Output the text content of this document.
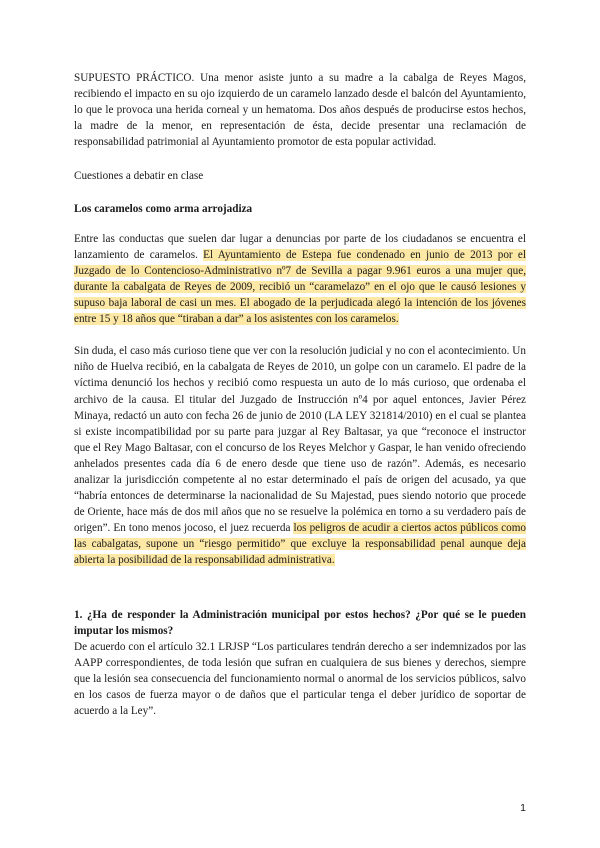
SUPUESTO PRÁCTICO. Una menor asiste junto a su madre a la cabalga de Reyes Magos, recibiendo el impacto en su ojo izquierdo de un caramelo lanzado desde el balcón del Ayuntamiento, lo que le provoca una herida corneal y un hematoma. Dos años después de producirse estos hechos, la madre de la menor, en representación de ésta, decide presentar una reclamación de responsabilidad patrimonial al Ayuntamiento promotor de esta popular actividad.

Cuestiones a debatir en clase

Los caramelos como arma arrojadiza

Entre las conductas que suelen dar lugar a denuncias por parte de los ciudadanos se encuentra el lanzamiento de caramelos. El Ayuntamiento de Estepa fue condenado en junio de 2013 por el Juzgado de lo Contencioso-Administrativo nº7 de Sevilla a pagar 9.961 euros a una mujer que, durante la cabalgata de Reyes de 2009, recibió un “caramelazo” en el ojo que le causó lesiones y supuso baja laboral de casi un mes. El abogado de la perjudicada alegó la intención de los jóvenes entre 15 y 18 años que “tiraban a dar” a los asistentes con los caramelos.

Sin duda, el caso más curioso tiene que ver con la resolución judicial y no con el acontecimiento. Un niño de Huelva recibió, en la cabalgata de Reyes de 2010, un golpe con un caramelo. El padre de la víctima denunció los hechos y recibió como respuesta un auto de lo más curioso, que ordenaba el archivo de la causa. El titular del Juzgado de Instrucción nº4 por aquel entonces, Javier Pérez Minaya, redactó un auto con fecha 26 de junio de 2010 (LA LEY 321814/2010) en el cual se plantea si existe incompatibilidad por su parte para juzgar al Rey Baltasar, ya que “reconoce el instructor que el Rey Mago Baltasar, con el concurso de los Reyes Melchor y Gaspar, le han venido ofreciendo anhelados presentes cada día 6 de enero desde que tiene uso de razón”. Además, es necesario analizar la jurisdicción competente al no estar determinado el país de origen del acusado, ya que “habría entonces de determinarse la nacionalidad de Su Majestad, pues siendo notorio que procede de Oriente, hace más de dos mil años que no se resuelve la polémica en torno a su verdadero país de origen”. En tono menos jocoso, el juez recuerda los peligros de acudir a ciertos actos públicos como las cabalgatas, supone un “riesgo permitido” que excluye la responsabilidad penal aunque deja abierta la posibilidad de la responsabilidad administrativa.

1. ¿Ha de responder la Administración municipal por estos hechos? ¿Por qué se le pueden imputar los mismos?

De acuerdo con el artículo 32.1 LRJSP “Los particulares tendrán derecho a ser indemnizados por las AAPP correspondientes, de toda lesión que sufran en cualquiera de sus bienes y derechos, siempre que la lesión sea consecuencia del funcionamiento normal o anormal de los servicios públicos, salvo en los casos de fuerza mayor o de daños que el particular tenga el deber jurídico de soportar de acuerdo a la Ley”.

1
